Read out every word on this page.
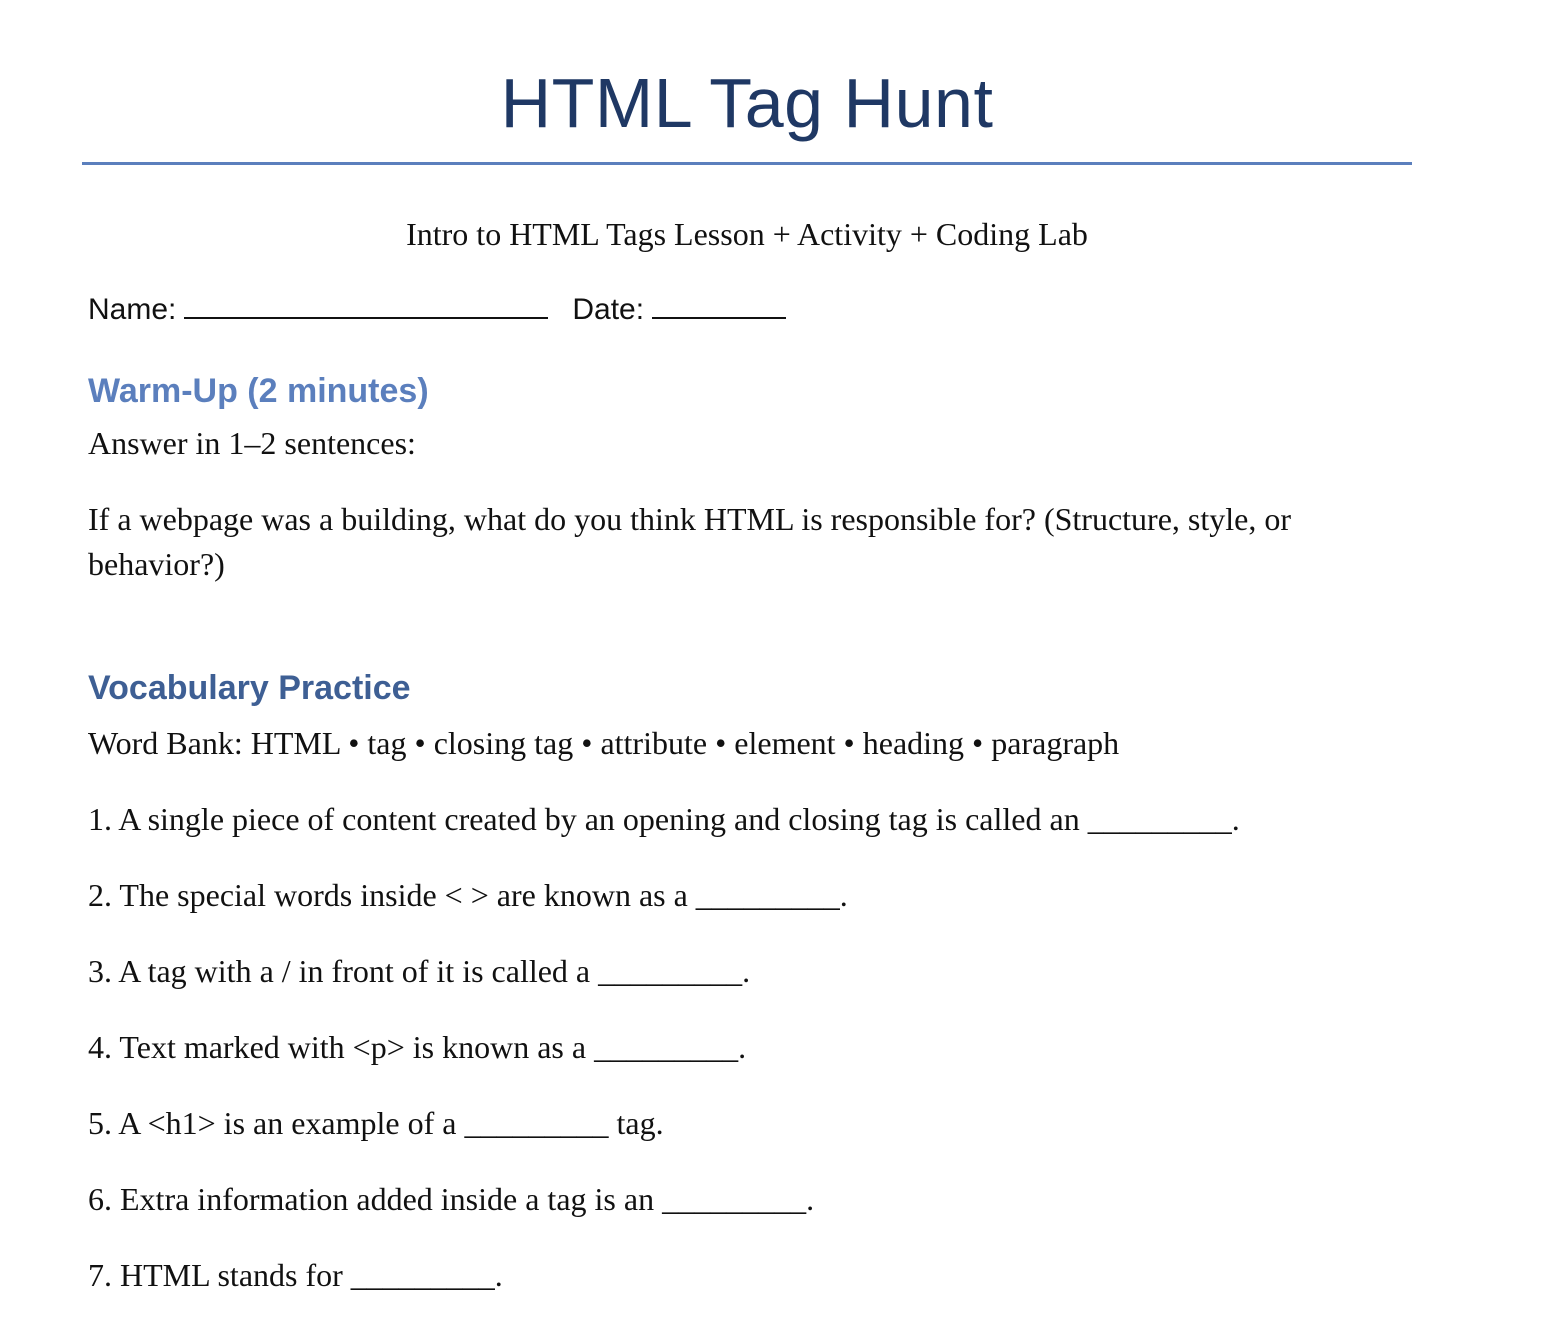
HTML Tag Hunt
Intro to HTML Tags Lesson + Activity + Coding Lab
Name:	Date:
Warm-Up (2 minutes)
Answer in 1–2 sentences:
If a webpage was a building, what do you think HTML is responsible for? (Structure, style, or behavior?)
Vocabulary Practice
Word Bank: HTML • tag • closing tag • attribute • element • heading • paragraph
1. A single piece of content created by an opening and closing tag is called an _________.
2. The special words inside < > are known as a _________.
3. A tag with a / in front of it is called a _________.
4. Text marked with <p> is known as a _________.
5. A <h1> is an example of a _________ tag.
6. Extra information added inside a tag is an _________.
7. HTML stands for _________.
